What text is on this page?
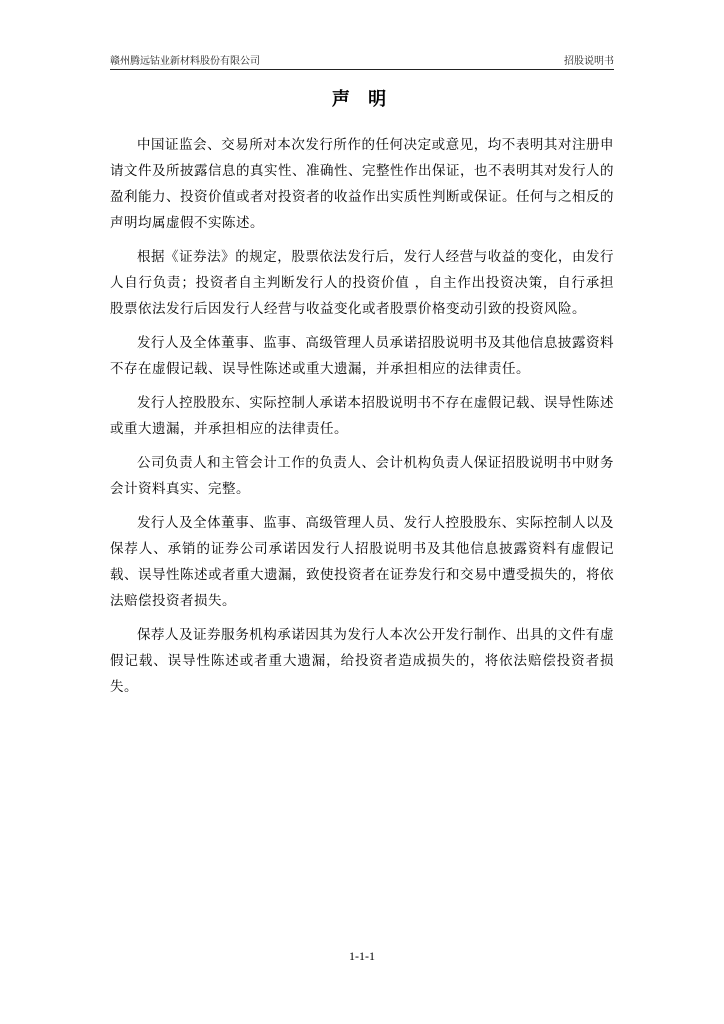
赣州腾远钴业新材料股份有限公司	招股说明书
声 明

中国证监会、交易所对本次发行所作的任何决定或意见，均不表明其对注册申请文件及所披露信息的真实性、准确性、完整性作出保证，也不表明其对发行人的盈利能力、投资价值或者对投资者的收益作出实质性判断或保证。任何与之相反的声明均属虚假不实陈述。

根据《证券法》的规定，股票依法发行后，发行人经营与收益的变化，由发行人自行负责；投资者自主判断发行人的投资价值 ，自主作出投资决策，自行承担股票依法发行后因发行人经营与收益变化或者股票价格变动引致的投资风险。

发行人及全体董事、监事、高级管理人员承诺招股说明书及其他信息披露资料不存在虚假记载、误导性陈述或重大遗漏，并承担相应的法律责任。

发行人控股股东、实际控制人承诺本招股说明书不存在虚假记载、误导性陈述或重大遗漏，并承担相应的法律责任。

公司负责人和主管会计工作的负责人、会计机构负责人保证招股说明书中财务会计资料真实、完整。

发行人及全体董事、监事、高级管理人员、发行人控股股东、实际控制人以及保荐人、承销的证券公司承诺因发行人招股说明书及其他信息披露资料有虚假记载、误导性陈述或者重大遗漏，致使投资者在证券发行和交易中遭受损失的，将依法赔偿投资者损失。

保荐人及证券服务机构承诺因其为发行人本次公开发行制作、出具的文件有虚假记载、误导性陈述或者重大遗漏，给投资者造成损失的，将依法赔偿投资者损失。

1-1-1
